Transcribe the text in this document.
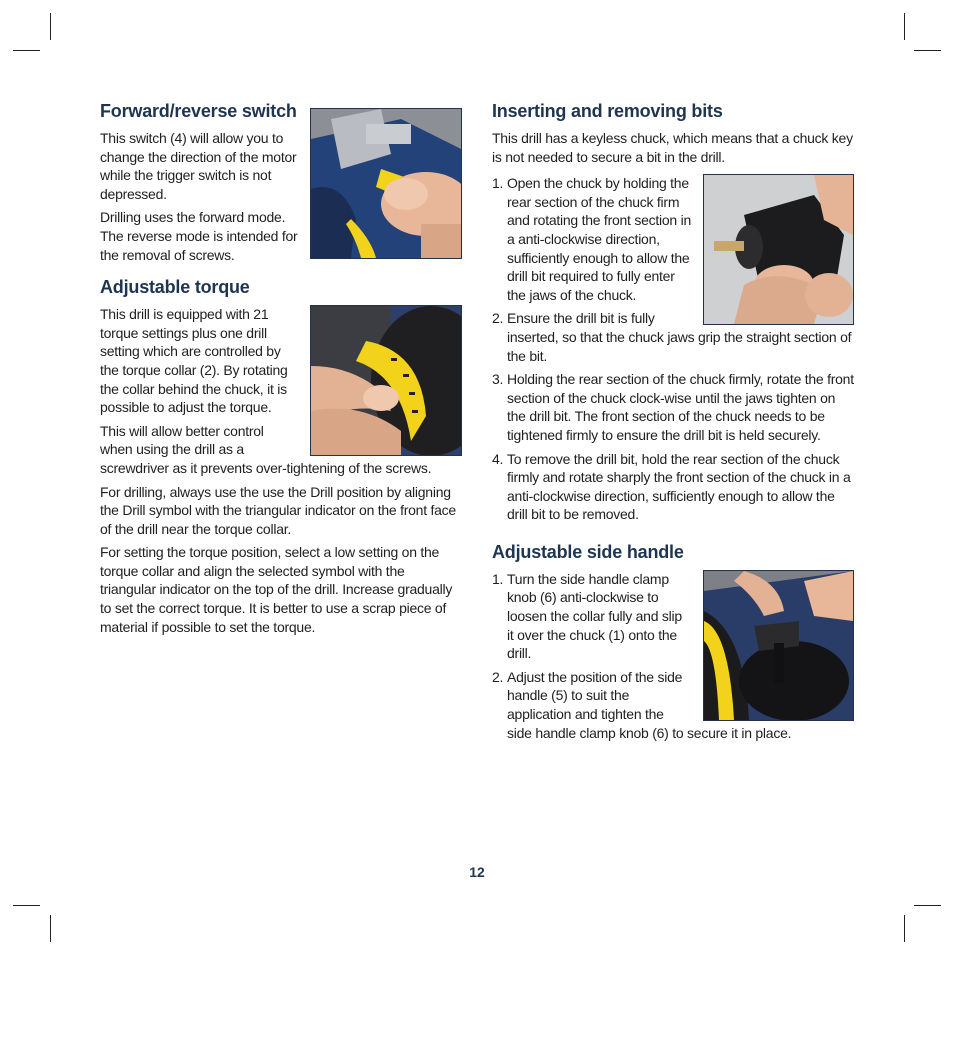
Forward/reverse switch

This switch (4) will allow you to change the direction of the motor while the trigger switch is not depressed.

Drilling uses the forward mode. The reverse mode is intended for the removal of screws.

Adjustable torque

This drill is equipped with 21 torque settings plus one drill setting which are controlled by the torque collar (2). By rotating the collar behind the chuck, it is possible to adjust the torque.

This will allow better control when using the drill as a screwdriver as it prevents over-tightening of the screws.

For drilling, always use the use the Drill position by aligning the Drill symbol with the triangular indicator on the front face of the drill near the torque collar.

For setting the torque position, select a low setting on the torque collar and align the selected symbol with the triangular indicator on the top of the drill. Increase gradually to set the correct torque. It is better to use a scrap piece of material if possible to set the torque.

Inserting and removing bits

This drill has a keyless chuck, which means that a chuck key is not needed to secure a bit in the drill.

1. Open the chuck by holding the rear section of the chuck firm and rotating the front section in a anti-clockwise direction, sufficiently enough to allow the drill bit required to fully enter the jaws of the chuck.
2. Ensure the drill bit is fully inserted, so that the chuck jaws grip the straight section of the bit.
3. Holding the rear section of the chuck firmly, rotate the front section of the chuck clock-wise until the jaws tighten on the drill bit. The front section of the chuck needs to be tightened firmly to ensure the drill bit is held securely.
4. To remove the drill bit, hold the rear section of the chuck firmly and rotate sharply the front section of the chuck in a anti-clockwise direction, sufficiently enough to allow the drill bit to be removed.
Adjustable side handle
1. Turn the side handle clamp knob (6) anti-clockwise to loosen the collar fully and slip it over the chuck (1) onto the drill.
2. Adjust the position of the side handle (5) to suit the application and tighten the side handle clamp knob (6) to secure it in place.
12
